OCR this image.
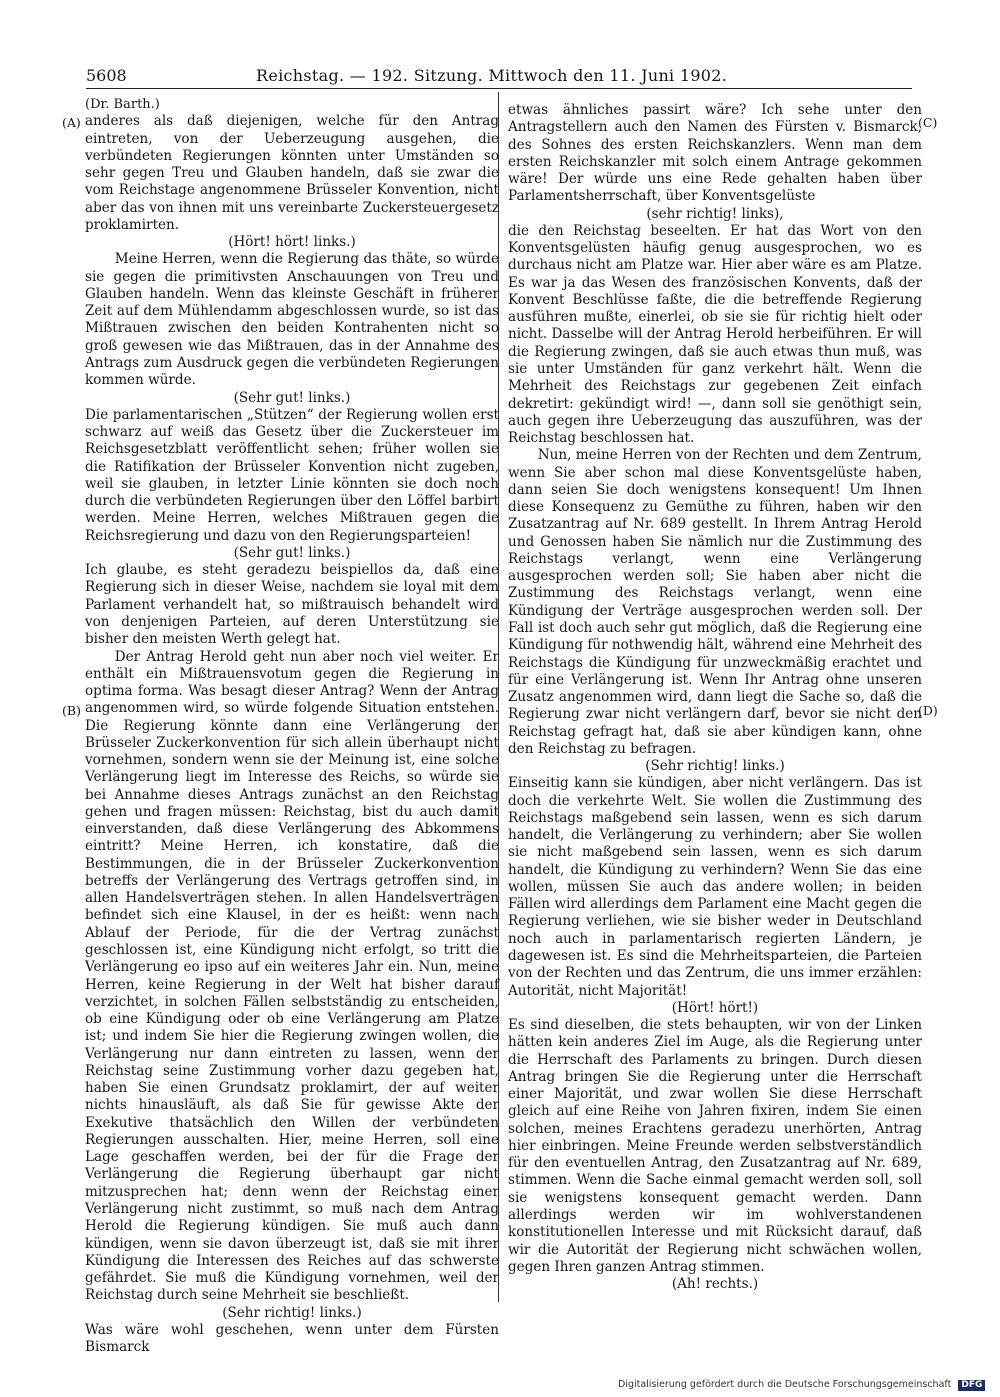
5608	Reichstag. — 192. Sitzung. Mittwoch den 11. Juni 1902.
(A)
(B)
(C)
(D)

(Dr. Barth.)

anderes als daß diejenigen, welche für den Antrag eintreten, von der Ueberzeugung ausgehen, die verbündeten Regierungen könnten unter Umständen so sehr gegen Treu und Glauben handeln, daß sie zwar die vom Reichstage angenommene Brüsseler Konvention, nicht aber das von ihnen mit uns vereinbarte Zuckersteuergesetz proklamirten.

(Hört! hört! links.)

Meine Herren, wenn die Regierung das thäte, so würde sie gegen die primitivsten Anschauungen von Treu und Glauben handeln. Wenn das kleinste Geschäft in früherer Zeit auf dem Mühlendamm abgeschlossen wurde, so ist das Mißtrauen zwischen den beiden Kontrahenten nicht so groß gewesen wie das Mißtrauen, das in der Annahme des Antrags zum Ausdruck gegen die verbündeten Regierungen kommen würde.

(Sehr gut! links.)

Die parlamentarischen „Stützen“ der Regierung wollen erst schwarz auf weiß das Gesetz über die Zuckersteuer im Reichsgesetzblatt veröffentlicht sehen; früher wollen sie die Ratifikation der Brüsseler Konvention nicht zugeben, weil sie glauben, in letzter Linie könnten sie doch noch durch die verbündeten Regierungen über den Löffel barbirt werden. Meine Herren, welches Mißtrauen gegen die Reichsregierung und dazu von den Regierungsparteien!

(Sehr gut! links.)

Ich glaube, es steht geradezu beispiellos da, daß eine Regierung sich in dieser Weise, nachdem sie loyal mit dem Parlament verhandelt hat, so mißtrauisch behandelt wird von denjenigen Parteien, auf deren Unterstützung sie bisher den meisten Werth gelegt hat.

Der Antrag Herold geht nun aber noch viel weiter. Er enthält ein Mißtrauensvotum gegen die Regierung in optima forma. Was besagt dieser Antrag? Wenn der Antrag angenommen wird, so würde folgende Situation entstehen. Die Regierung könnte dann eine Verlängerung der Brüsseler Zuckerkonvention für sich allein überhaupt nicht vornehmen, sondern wenn sie der Meinung ist, eine solche Verlängerung liegt im Interesse des Reichs, so würde sie bei Annahme dieses Antrags zunächst an den Reichstag gehen und fragen müssen: Reichstag, bist du auch damit einverstanden, daß diese Verlängerung des Abkommens eintritt? Meine Herren, ich konstatire, daß die Bestimmungen, die in der Brüsseler Zuckerkonvention betreffs der Verlängerung des Vertrags getroffen sind, in allen Handelsverträgen stehen. In allen Handelsverträgen befindet sich eine Klausel, in der es heißt: wenn nach Ablauf der Periode, für die der Vertrag zunächst geschlossen ist, eine Kündigung nicht erfolgt, so tritt die Verlängerung eo ipso auf ein weiteres Jahr ein. Nun, meine Herren, keine Regierung in der Welt hat bisher darauf verzichtet, in solchen Fällen selbstständig zu entscheiden, ob eine Kündigung oder ob eine Verlängerung am Platze ist; und indem Sie hier die Regierung zwingen wollen, die Verlängerung nur dann eintreten zu lassen, wenn der Reichstag seine Zustimmung vorher dazu gegeben hat, haben Sie einen Grundsatz proklamirt, der auf weiter nichts hinausläuft, als daß Sie für gewisse Akte der Exekutive thatsächlich den Willen der verbündeten Regierungen ausschalten. Hier, meine Herren, soll eine Lage geschaffen werden, bei der für die Frage der Verlängerung die Regierung überhaupt gar nicht mitzusprechen hat; denn wenn der Reichstag einer Verlängerung nicht zustimmt, so muß nach dem Antrag Herold die Regierung kündigen. Sie muß auch dann kündigen, wenn sie davon überzeugt ist, daß sie mit ihrer Kündigung die Interessen des Reiches auf das schwerste gefährdet. Sie muß die Kündigung vornehmen, weil der Reichstag durch seine Mehrheit sie beschließt.

(Sehr richtig! links.)

Was wäre wohl geschehen, wenn unter dem Fürsten Bismarck

etwas ähnliches passirt wäre? Ich sehe unter den Antragstellern auch den Namen des Fürsten v. Bismarck, des Sohnes des ersten Reichskanzlers. Wenn man dem ersten Reichskanzler mit solch einem Antrage gekommen wäre! Der würde uns eine Rede gehalten haben über Parlamentsherrschaft, über Konventsgelüste

(sehr richtig! links),

die den Reichstag beseelten. Er hat das Wort von den Konventsgelüsten häufig genug ausgesprochen, wo es durchaus nicht am Platze war. Hier aber wäre es am Platze. Es war ja das Wesen des französischen Konvents, daß der Konvent Beschlüsse faßte, die die betreffende Regierung ausführen mußte, einerlei, ob sie sie für richtig hielt oder nicht. Dasselbe will der Antrag Herold herbeiführen. Er will die Regierung zwingen, daß sie auch etwas thun muß, was sie unter Umständen für ganz verkehrt hält. Wenn die Mehrheit des Reichstags zur gegebenen Zeit einfach dekretirt: gekündigt wird! —, dann soll sie genöthigt sein, auch gegen ihre Ueberzeugung das auszuführen, was der Reichstag beschlossen hat.

Nun, meine Herren von der Rechten und dem Zentrum, wenn Sie aber schon mal diese Konventsgelüste haben, dann seien Sie doch wenigstens konsequent! Um Ihnen diese Konsequenz zu Gemüthe zu führen, haben wir den Zusatzantrag auf Nr. 689 gestellt. In Ihrem Antrag Herold und Genossen haben Sie nämlich nur die Zustimmung des Reichstags verlangt, wenn eine Verlängerung ausgesprochen werden soll; Sie haben aber nicht die Zustimmung des Reichstags verlangt, wenn eine Kündigung der Verträge ausgesprochen werden soll. Der Fall ist doch auch sehr gut möglich, daß die Regierung eine Kündigung für nothwendig hält, während eine Mehrheit des Reichstags die Kündigung für unzweckmäßig erachtet und für eine Verlängerung ist. Wenn Ihr Antrag ohne unseren Zusatz angenommen wird, dann liegt die Sache so, daß die Regierung zwar nicht verlängern darf, bevor sie nicht den Reichstag gefragt hat, daß sie aber kündigen kann, ohne den Reichstag zu befragen.

(Sehr richtig! links.)

Einseitig kann sie kündigen, aber nicht verlängern. Das ist doch die verkehrte Welt. Sie wollen die Zustimmung des Reichstags maßgebend sein lassen, wenn es sich darum handelt, die Verlängerung zu verhindern; aber Sie wollen sie nicht maßgebend sein lassen, wenn es sich darum handelt, die Kündigung zu verhindern? Wenn Sie das eine wollen, müssen Sie auch das andere wollen; in beiden Fällen wird allerdings dem Parlament eine Macht gegen die Regierung verliehen, wie sie bisher weder in Deutschland noch auch in parlamentarisch regierten Ländern, je dagewesen ist. Es sind die Mehrheitsparteien, die Parteien von der Rechten und das Zentrum, die uns immer erzählen: Autorität, nicht Majorität!

(Hört! hört!)

Es sind dieselben, die stets behaupten, wir von der Linken hätten kein anderes Ziel im Auge, als die Regierung unter die Herrschaft des Parlaments zu bringen. Durch diesen Antrag bringen Sie die Regierung unter die Herrschaft einer Majorität, und zwar wollen Sie diese Herrschaft gleich auf eine Reihe von Jahren fixiren, indem Sie einen solchen, meines Erachtens geradezu unerhörten, Antrag hier einbringen. Meine Freunde werden selbstverständlich für den eventuellen Antrag, den Zusatzantrag auf Nr. 689, stimmen. Wenn die Sache einmal gemacht werden soll, soll sie wenigstens konsequent gemacht werden. Dann allerdings werden wir im wohlverstandenen konstitutionellen Interesse und mit Rücksicht darauf, daß wir die Autorität der Regierung nicht schwächen wollen, gegen Ihren ganzen Antrag stimmen.

(Ah! rechts.)

Digitalisierung gefördert durch die Deutsche Forschungsgemeinschaft DFG
